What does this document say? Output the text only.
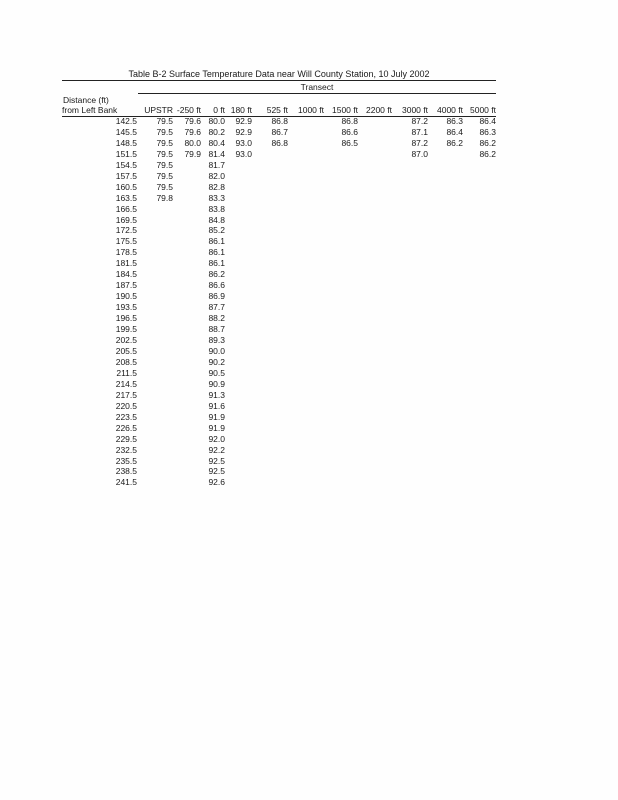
Table B-2 Surface Temperature Data near Will County Station, 10 July 2002
Transect
Distance (ft)
from Left Bank	UPSTR	-250 ft	0 ft	180 ft	525 ft	1000 ft	1500 ft	2200 ft	3000 ft	4000 ft	5000 ft
142.5	79.5	79.6	80.0	92.9	86.8		86.8		87.2	86.3	86.4
145.5	79.5	79.6	80.2	92.9	86.7		86.6		87.1	86.4	86.3
148.5	79.5	80.0	80.4	93.0	86.8		86.5		87.2	86.2	86.2
151.5	79.5	79.9	81.4	93.0					87.0		86.2
154.5	79.5		81.7								
157.5	79.5		82.0								
160.5	79.5		82.8								
163.5	79.8		83.3								
166.5			83.8								
169.5			84.8								
172.5			85.2								
175.5			86.1								
178.5			86.1								
181.5			86.1								
184.5			86.2								
187.5			86.6								
190.5			86.9								
193.5			87.7								
196.5			88.2								
199.5			88.7								
202.5			89.3								
205.5			90.0								
208.5			90.2								
211.5			90.5								
214.5			90.9								
217.5			91.3								
220.5			91.6								
223.5			91.9								
226.5			91.9								
229.5			92.0								
232.5			92.2								
235.5			92.5								
238.5			92.5								
241.5			92.6								
